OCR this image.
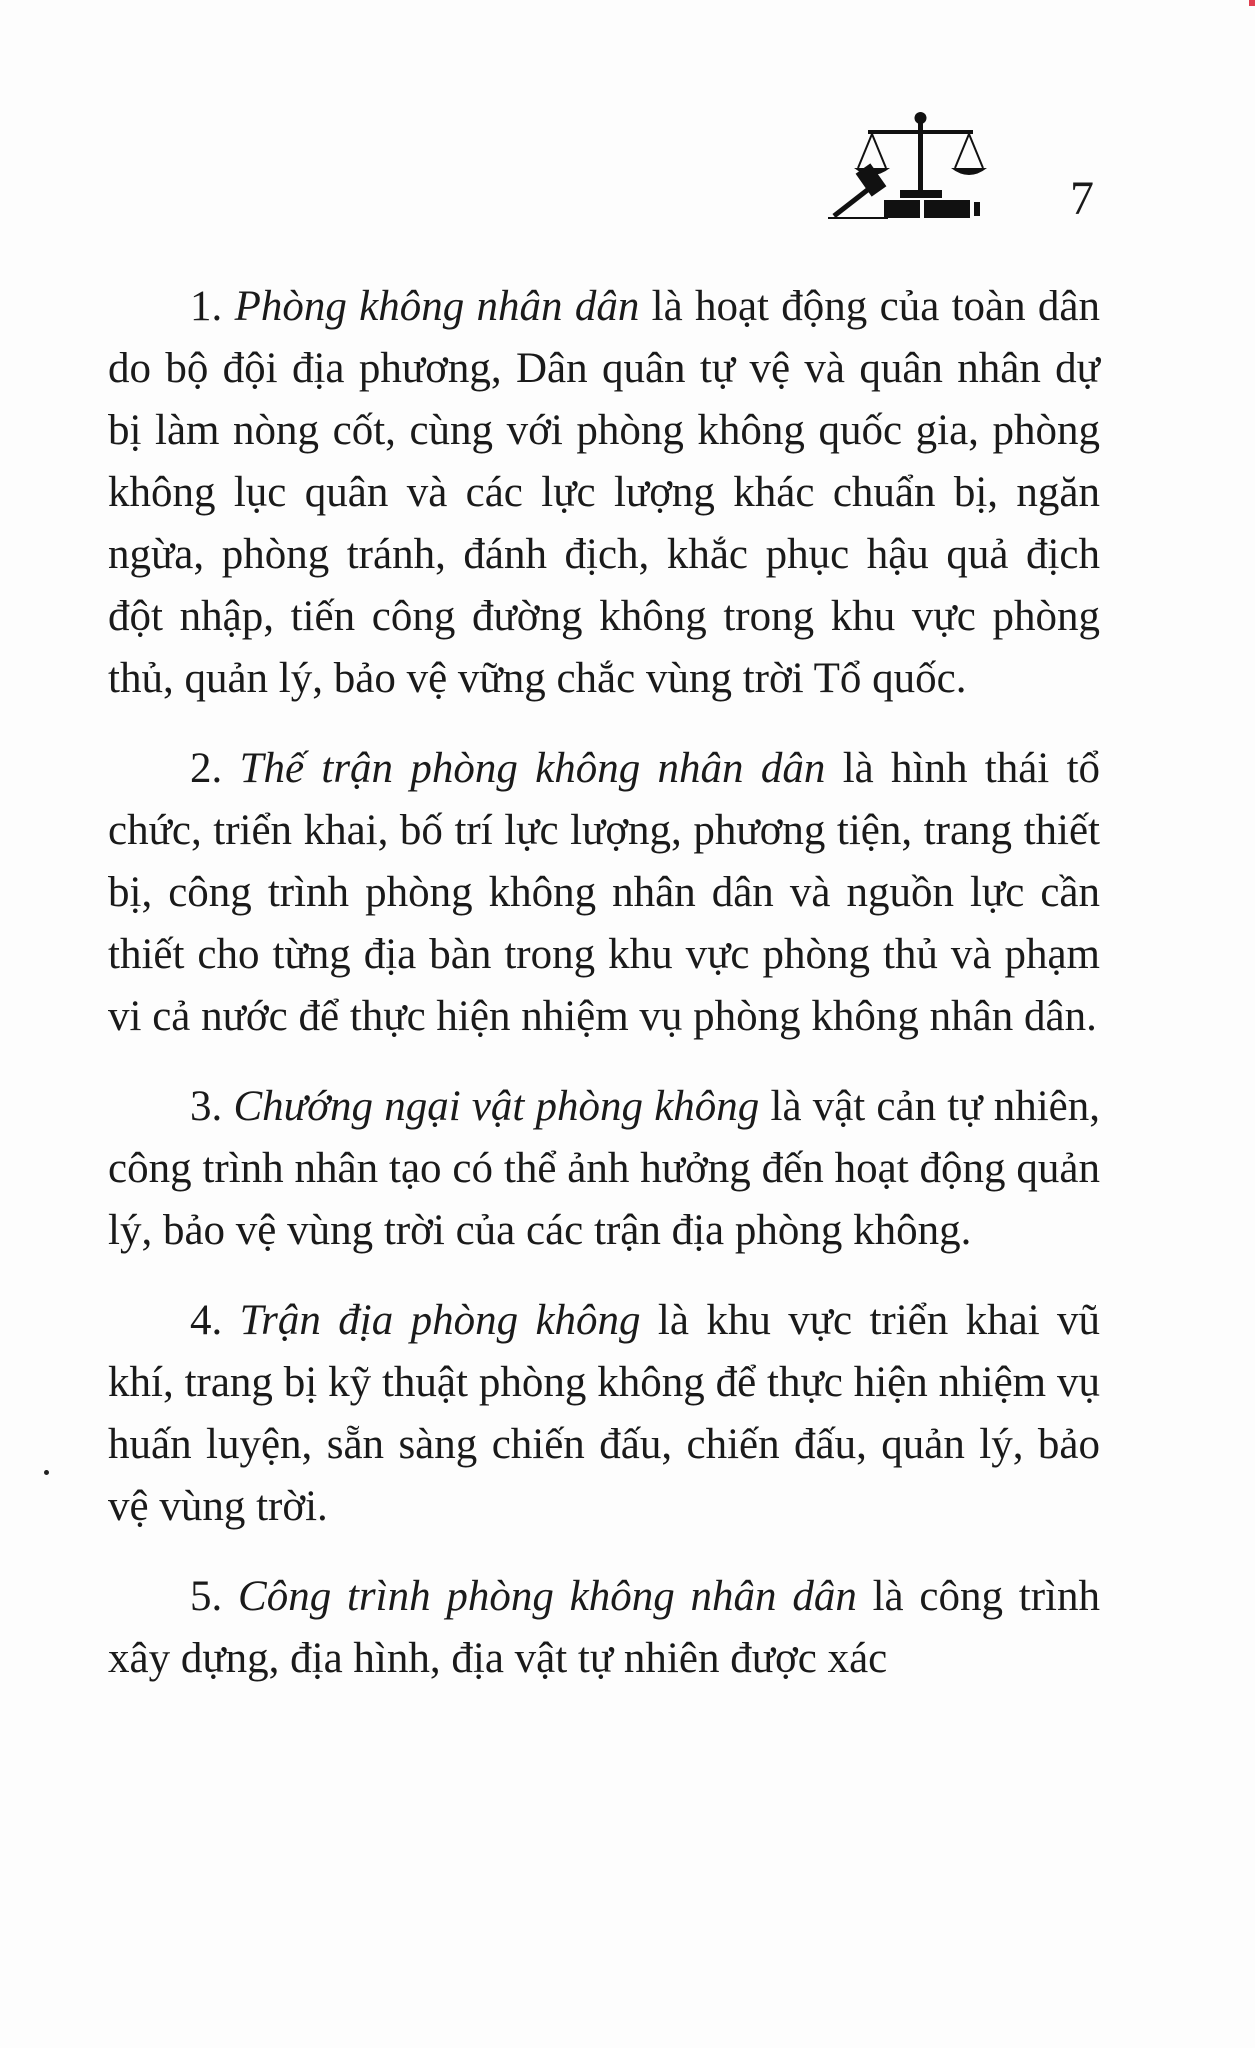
7

1. Phòng không nhân dân là hoạt động của toàn dân do bộ đội địa phương, Dân quân tự vệ và quân nhân dự bị làm nòng cốt, cùng với phòng không quốc gia, phòng không lục quân và các lực lượng khác chuẩn bị, ngăn ngừa, phòng tránh, đánh địch, khắc phục hậu quả địch đột nhập, tiến công đường không trong khu vực phòng thủ, quản lý, bảo vệ vững chắc vùng trời Tổ quốc.

2. Thế trận phòng không nhân dân là hình thái tổ chức, triển khai, bố trí lực lượng, phương tiện, trang thiết bị, công trình phòng không nhân dân và nguồn lực cần thiết cho từng địa bàn trong khu vực phòng thủ và phạm vi cả nước để thực hiện nhiệm vụ phòng không nhân dân.

3. Chướng ngại vật phòng không là vật cản tự nhiên, công trình nhân tạo có thể ảnh hưởng đến hoạt động quản lý, bảo vệ vùng trời của các trận địa phòng không.

4. Trận địa phòng không là khu vực triển khai vũ khí, trang bị kỹ thuật phòng không để thực hiện nhiệm vụ huấn luyện, sẵn sàng chiến đấu, chiến đấu, quản lý, bảo vệ vùng trời.

5. Công trình phòng không nhân dân là công trình xây dựng, địa hình, địa vật tự nhiên được xác
